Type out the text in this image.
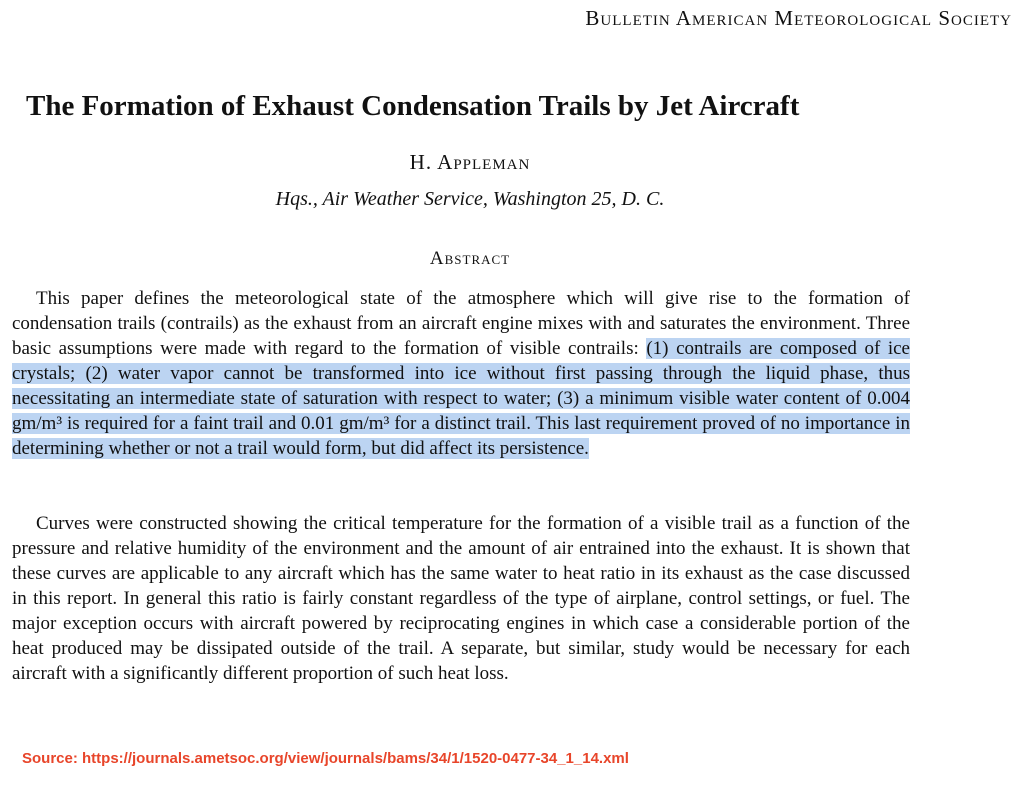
Bulletin American Meteorological Society
The Formation of Exhaust Condensation Trails by Jet Aircraft
H. Appleman
Hqs., Air Weather Service, Washington 25, D. C.
Abstract

This paper defines the meteorological state of the atmosphere which will give rise to the formation of condensation trails (contrails) as the exhaust from an aircraft engine mixes with and saturates the environment. Three basic assumptions were made with regard to the formation of visible contrails: (1) contrails are composed of ice crystals; (2) water vapor cannot be transformed into ice without first passing through the liquid phase, thus necessitating an intermediate state of saturation with respect to water; (3) a minimum visible water content of 0.004 gm/m³ is required for a faint trail and 0.01 gm/m³ for a distinct trail. This last requirement proved of no importance in determining whether or not a trail would form, but did affect its persistence.

Curves were constructed showing the critical temperature for the formation of a visible trail as a function of the pressure and relative humidity of the environment and the amount of air entrained into the exhaust. It is shown that these curves are applicable to any aircraft which has the same water to heat ratio in its exhaust as the case discussed in this report. In general this ratio is fairly constant regardless of the type of airplane, control settings, or fuel. The major exception occurs with aircraft powered by reciprocating engines in which case a considerable portion of the heat produced may be dissipated outside of the trail. A separate, but similar, study would be necessary for each aircraft with a significantly different proportion of such heat loss.

Source: https://journals.ametsoc.org/view/journals/bams/34/1/1520-0477-34_1_14.xml
